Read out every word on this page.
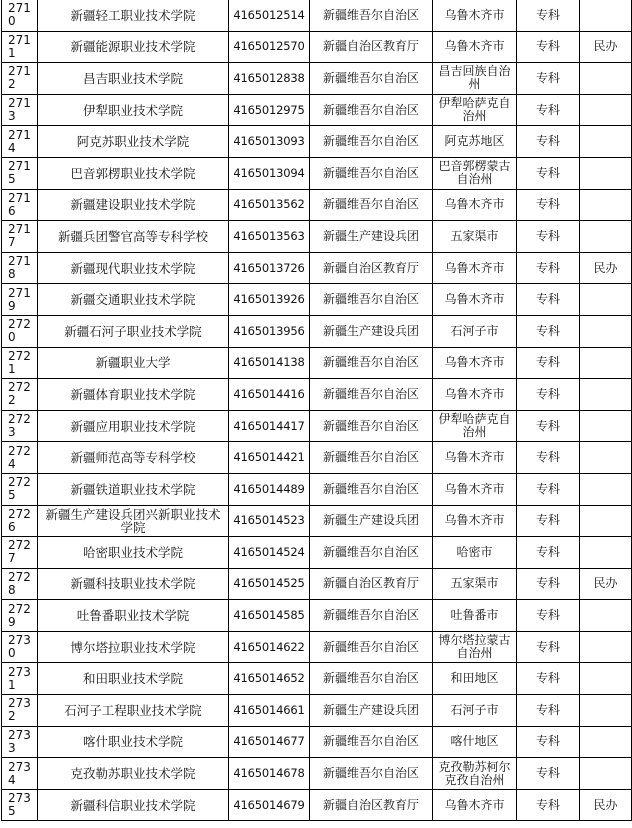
2710	新疆轻工职业技术学院	4165012514	新疆维吾尔自治区	乌鲁木齐市	专科	
2711	新疆能源职业技术学院	4165012570	新疆自治区教育厅	乌鲁木齐市	专科	民办
2712	昌吉职业技术学院	4165012838	新疆维吾尔自治区	昌吉回族自治州	专科	
2713	伊犁职业技术学院	4165012975	新疆维吾尔自治区	伊犁哈萨克自治州	专科	
2714	阿克苏职业技术学院	4165013093	新疆维吾尔自治区	阿克苏地区	专科	
2715	巴音郭楞职业技术学院	4165013094	新疆维吾尔自治区	巴音郭楞蒙古自治州	专科	
2716	新疆建设职业技术学院	4165013562	新疆维吾尔自治区	乌鲁木齐市	专科	
2717	新疆兵团警官高等专科学校	4165013563	新疆生产建设兵团	五家渠市	专科	
2718	新疆现代职业技术学院	4165013726	新疆自治区教育厅	乌鲁木齐市	专科	民办
2719	新疆交通职业技术学院	4165013926	新疆维吾尔自治区	乌鲁木齐市	专科	
2720	新疆石河子职业技术学院	4165013956	新疆生产建设兵团	石河子市	专科	
2721	新疆职业大学	4165014138	新疆维吾尔自治区	乌鲁木齐市	专科	
2722	新疆体育职业技术学院	4165014416	新疆维吾尔自治区	乌鲁木齐市	专科	
2723	新疆应用职业技术学院	4165014417	新疆维吾尔自治区	伊犁哈萨克自治州	专科	
2724	新疆师范高等专科学校	4165014421	新疆维吾尔自治区	乌鲁木齐市	专科	
2725	新疆铁道职业技术学院	4165014489	新疆维吾尔自治区	乌鲁木齐市	专科	
2726	新疆生产建设兵团兴新职业技术学院	4165014523	新疆生产建设兵团	乌鲁木齐市	专科	
2727	哈密职业技术学院	4165014524	新疆维吾尔自治区	哈密市	专科	
2728	新疆科技职业技术学院	4165014525	新疆自治区教育厅	五家渠市	专科	民办
2729	吐鲁番职业技术学院	4165014585	新疆维吾尔自治区	吐鲁番市	专科	
2730	博尔塔拉职业技术学院	4165014622	新疆维吾尔自治区	博尔塔拉蒙古自治州	专科	
2731	和田职业技术学院	4165014652	新疆维吾尔自治区	和田地区	专科	
2732	石河子工程职业技术学院	4165014661	新疆生产建设兵团	石河子市	专科	
2733	喀什职业技术学院	4165014677	新疆维吾尔自治区	喀什地区	专科	
2734	克孜勒苏职业技术学院	4165014678	新疆维吾尔自治区	克孜勒苏柯尔克孜自治州	专科	
2735	新疆科信职业技术学院	4165014679	新疆自治区教育厅	乌鲁木齐市	专科	民办
